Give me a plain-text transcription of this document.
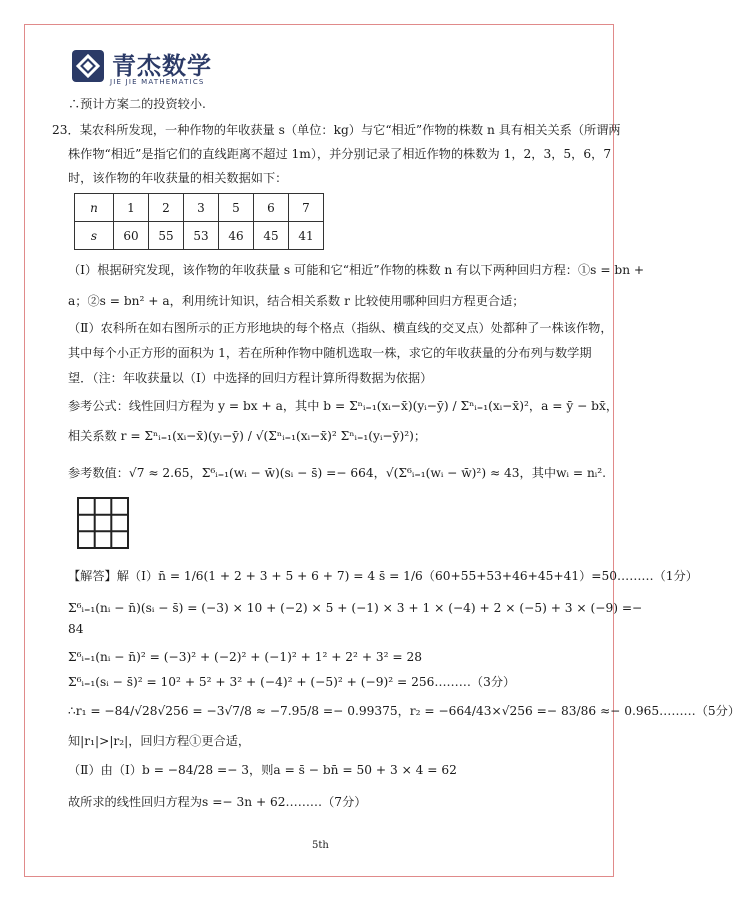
青杰数学
JIE JIE MATHEMATICS
∴预计方案二的投资较小.
23．某农科所发现，一种作物的年收获量 s（单位：kg）与它“相近”作物的株数 n 具有相关关系（所谓两
株作物“相近”是指它们的直线距离不超过 1m），并分别记录了相近作物的株数为 1，2，3，5，6，7
时，该作物的年收获量的相关数据如下：
n	1	2	3	5	6	7
s	60	55	53	46	45	41
（Ⅰ）根据研究发现，该作物的年收获量 s 可能和它“相近”作物的株数 n 有以下两种回归方程：①s = bn +
a；②s = bn² + a，利用统计知识，结合相关系数 r 比较使用哪种回归方程更合适；
（Ⅱ）农科所在如右图所示的正方形地块的每个格点（指纵、横直线的交叉点）处都种了一株该作物，
其中每个小正方形的面积为 1，若在所种作物中随机选取一株，求它的年收获量的分布列与数学期
望．（注：年收获量以（Ⅰ）中选择的回归方程计算所得数据为依据）
参考公式：线性回归方程为 y = bx + a，其中 b = Σⁿᵢ₌₁(xᵢ−x̄)(yᵢ−ȳ) / Σⁿᵢ₌₁(xᵢ−x̄)²，a = ȳ − bx̄，
相关系数 r = Σⁿᵢ₌₁(xᵢ−x̄)(yᵢ−ȳ) / √(Σⁿᵢ₌₁(xᵢ−x̄)² Σⁿᵢ₌₁(yᵢ−ȳ)²)；
参考数值：√7 ≈ 2.65，Σ⁶ᵢ₌₁(wᵢ − w̄)(sᵢ − s̄) =− 664，√(Σ⁶ᵢ₌₁(wᵢ − w̄)²) ≈ 43，其中wᵢ = nᵢ².
【解答】解（Ⅰ）n̄ = 1/6(1 + 2 + 3 + 5 + 6 + 7) = 4 s̄ = 1/6（60+55+53+46+45+41）=50………（1分）
Σ⁶ᵢ₌₁(nᵢ − n̄)(sᵢ − s̄) = (−3) × 10 + (−2) × 5 + (−1) × 3 + 1 × (−4) + 2 × (−5) + 3 × (−9) =−
84
Σ⁶ᵢ₌₁(nᵢ − n̄)² = (−3)² + (−2)² + (−1)² + 1² + 2² + 3² = 28
Σ⁶ᵢ₌₁(sᵢ − s̄)² = 10² + 5² + 3² + (−4)² + (−5)² + (−9)² = 256………（3分）
∴r₁ = −84/√28√256 = −3√7/8 ≈ −7.95/8 =− 0.99375，r₂ = −664/43×√256 =− 83/86 ≈− 0.965………（5分）
知|r₁|>|r₂|，回归方程①更合适，
（Ⅱ）由（Ⅰ）b = −84/28 =− 3，则a = s̄ − bn̄ = 50 + 3 × 4 = 62
故所求的线性回归方程为s =− 3n + 62………（7分）
5th
